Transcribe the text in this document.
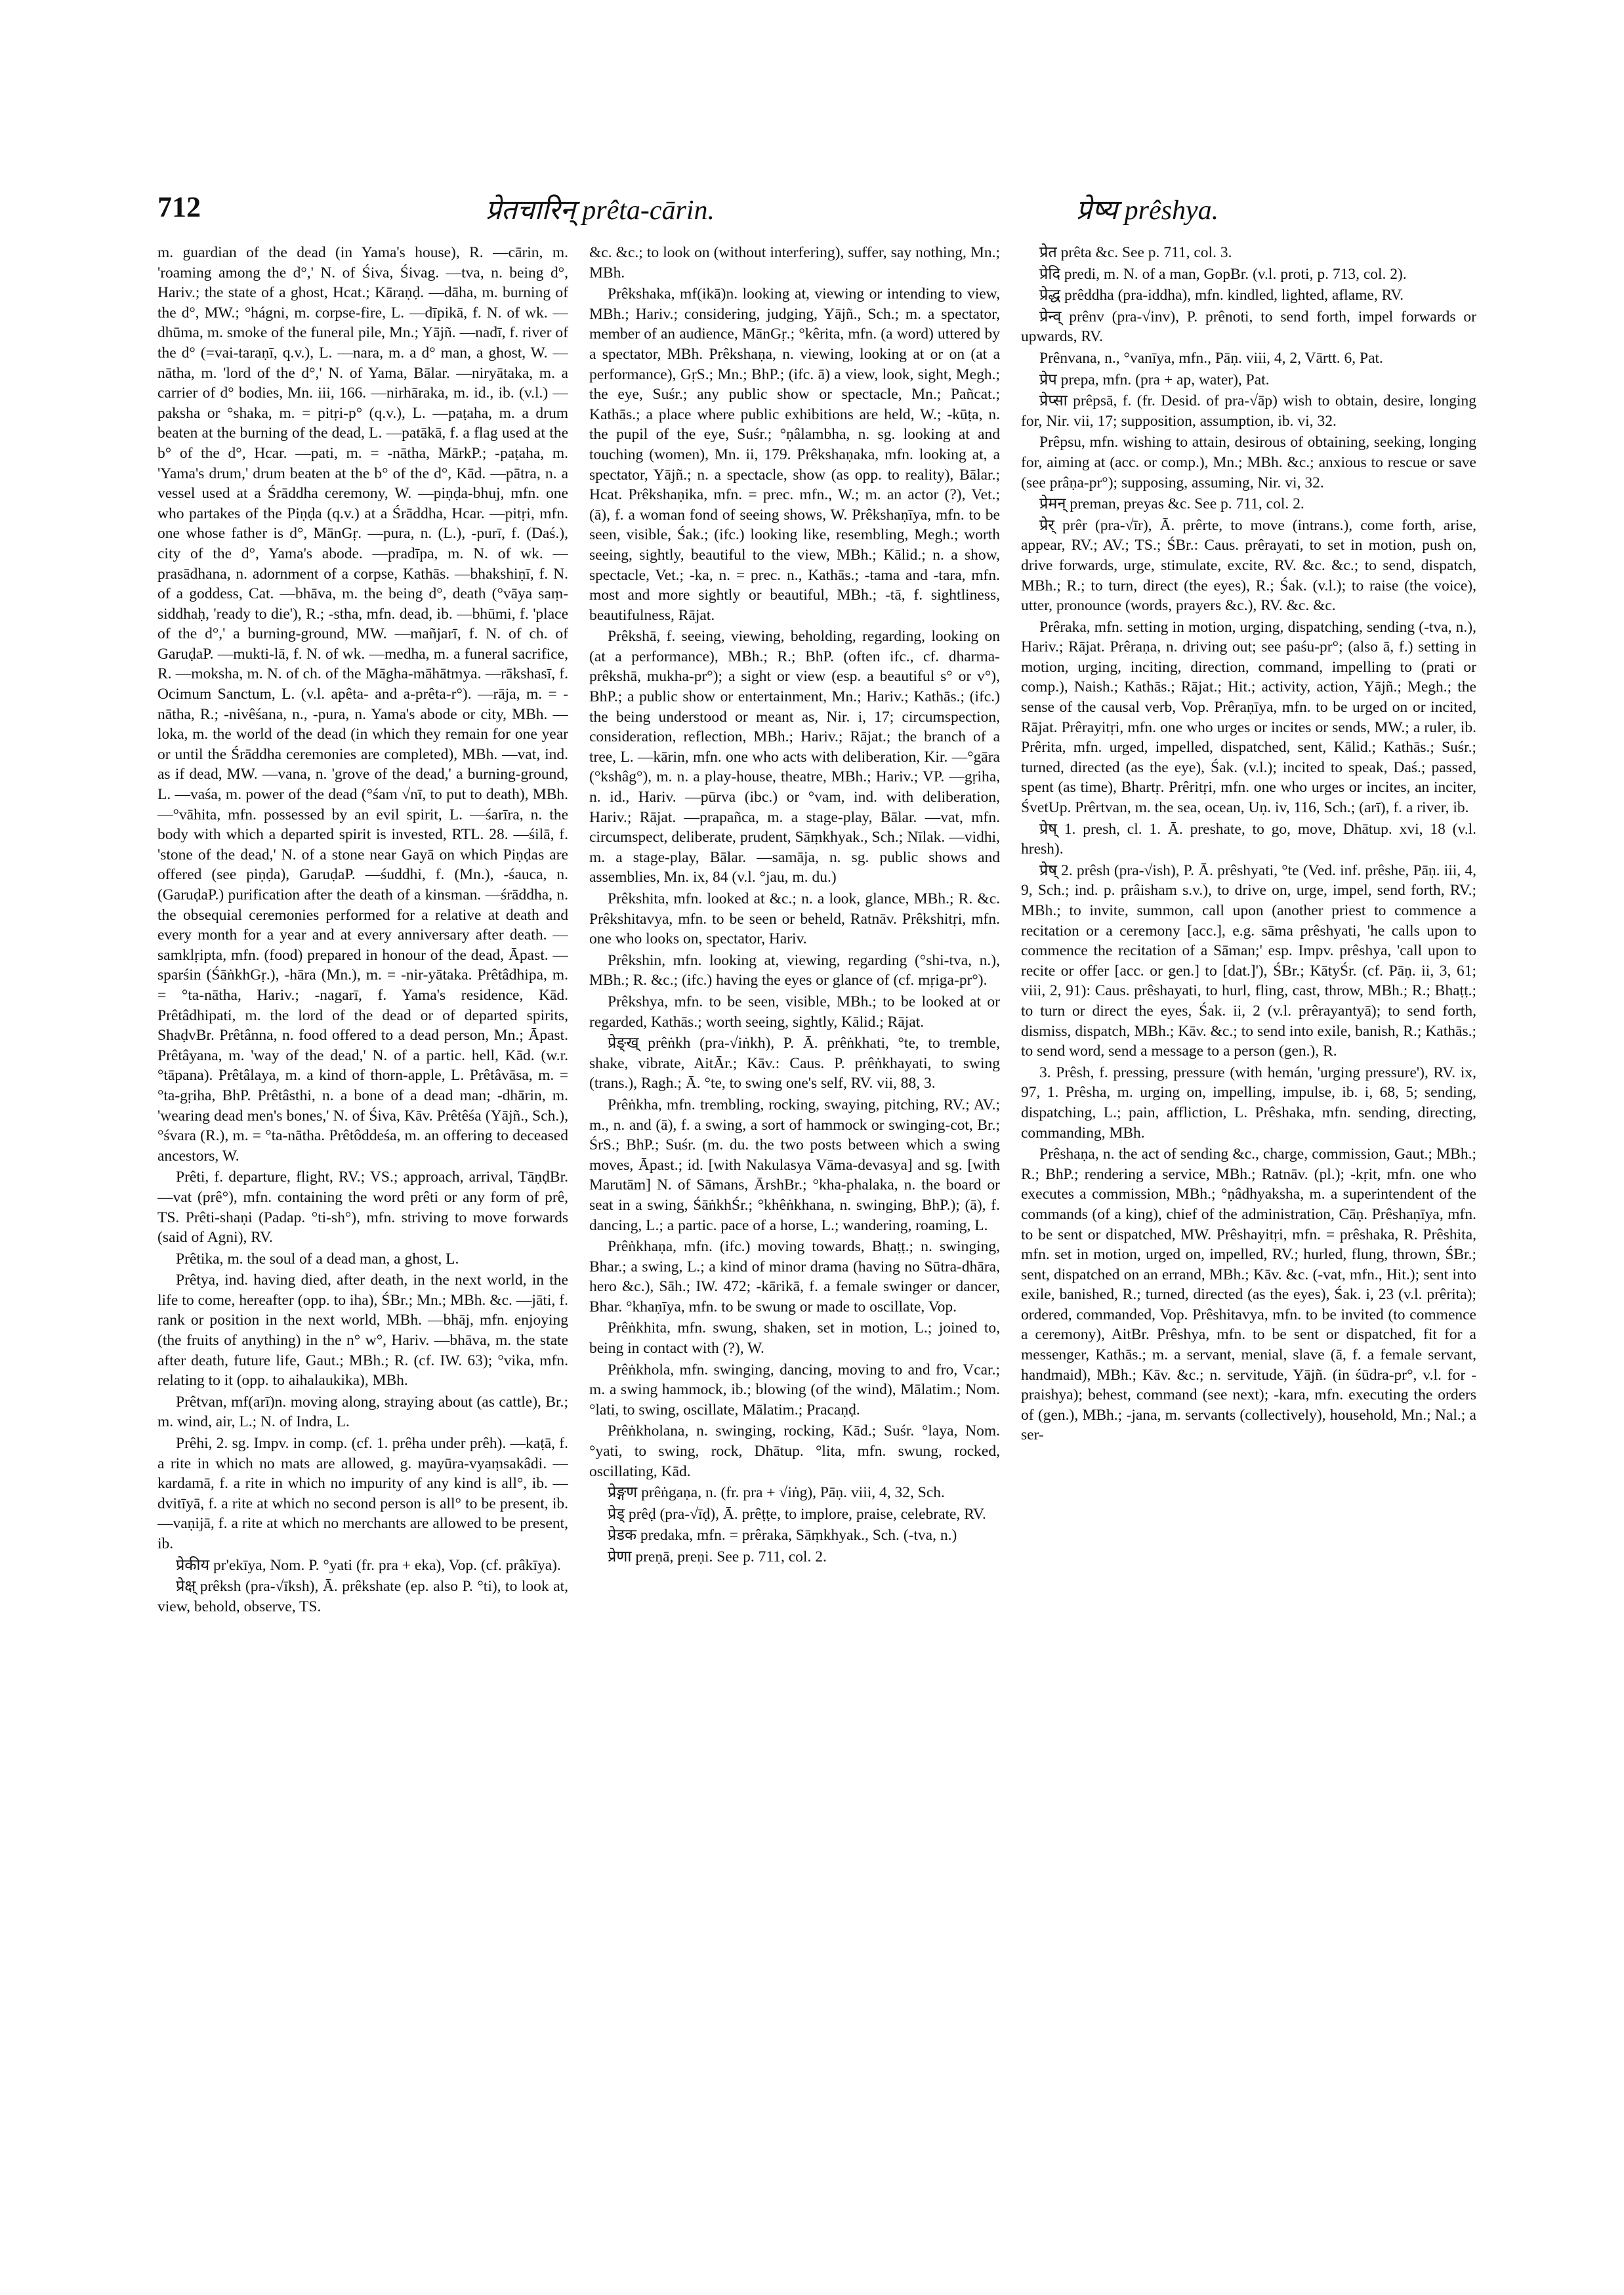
712	प्रेतचारिन् prêta-cārin.	प्रेष्य prêshya.

m. guardian of the dead (in Yama's house), R. —cārin, m. 'roaming among the d°,' N. of Śiva, Śivag. —tva, n. being d°, Hariv.; the state of a ghost, Hcat.; Kāraṇḍ. —dāha, m. burning of the d°, MW.; °hágni, m. corpse-fire, L. —dīpikā, f. N. of wk. —dhūma, m. smoke of the funeral pile, Mn.; Yājñ. —nadī, f. river of the d° (=vai-taraṇī, q.v.), L. —nara, m. a d° man, a ghost, W. —nātha, m. 'lord of the d°,' N. of Yama, Bālar. —niryātaka, m. a carrier of d° bodies, Mn. iii, 166. —nirhāraka, m. id., ib. (v.l.) —paksha or °shaka, m. = pitṛi-p° (q.v.), L. —paṭaha, m. a drum beaten at the burning of the dead, L. —patākā, f. a flag used at the b° of the d°, Hcar. —pati, m. = -nātha, MārkP.; -paṭaha, m. 'Yama's drum,' drum beaten at the b° of the d°, Kād. —pātra, n. a vessel used at a Śrāddha ceremony, W. —piṇḍa-bhuj, mfn. one who partakes of the Piṇḍa (q.v.) at a Śrāddha, Hcar. —pitṛi, mfn. one whose father is d°, MānGṛ. —pura, n. (L.), -purī, f. (Daś.), city of the d°, Yama's abode. —pradīpa, m. N. of wk. —prasādhana, n. adornment of a corpse, Kathās. —bhakshiṇī, f. N. of a goddess, Cat. —bhāva, m. the being d°, death (°vāya saṃ-siddhaḥ, 'ready to die'), R.; -stha, mfn. dead, ib. —bhūmi, f. 'place of the d°,' a burning-ground, MW. —mañjarī, f. N. of ch. of GaruḍaP. —mukti-lā, f. N. of wk. —medha, m. a funeral sacrifice, R. —moksha, m. N. of ch. of the Māgha-māhātmya. —rākshasī, f. Ocimum Sanctum, L. (v.l. apêta- and a-prêta-r°). —rāja, m. = -nātha, R.; -nivêśana, n., -pura, n. Yama's abode or city, MBh. —loka, m. the world of the dead (in which they remain for one year or until the Śrāddha ceremonies are completed), MBh. —vat, ind. as if dead, MW. —vana, n. 'grove of the dead,' a burning-ground, L. —vaśa, m. power of the dead (°śam √nī, to put to death), MBh. —°vāhita, mfn. possessed by an evil spirit, L. —śarīra, n. the body with which a departed spirit is invested, RTL. 28. —śilā, f. 'stone of the dead,' N. of a stone near Gayā on which Piṇḍas are offered (see piṇḍa), GaruḍaP. —śuddhi, f. (Mn.), -śauca, n. (GaruḍaP.) purification after the death of a kinsman. —śrāddha, n. the obsequial ceremonies performed for a relative at death and every month for a year and at every anniversary after death. —samklṛipta, mfn. (food) prepared in honour of the dead, Āpast. —sparśin (ŚāṅkhGṛ.), -hāra (Mn.), m. = -nir-yātaka. Prêtâdhipa, m. = °ta-nātha, Hariv.; -nagarī, f. Yama's residence, Kād. Prêtâdhipati, m. the lord of the dead or of departed spirits, ShaḍvBr. Prêtânna, n. food offered to a dead person, Mn.; Āpast. Prêtâyana, m. 'way of the dead,' N. of a partic. hell, Kād. (w.r. °tāpana). Prêtâlaya, m. a kind of thorn-apple, L. Prêtâvāsa, m. = °ta-gṛiha, BhP. Prêtâsthi, n. a bone of a dead man; -dhārin, m. 'wearing dead men's bones,' N. of Śiva, Kāv. Prêtêśa (Yājñ., Sch.), °śvara (R.), m. = °ta-nātha. Prêtôddeśa, m. an offering to deceased ancestors, W.

Prêti, f. departure, flight, RV.; VS.; approach, arrival, TāṇḍBr. —vat (prê°), mfn. containing the word prêti or any form of prê, TS. Prêti-shaṇi (Padap. °ti-sh°), mfn. striving to move forwards (said of Agni), RV.

Prêtika, m. the soul of a dead man, a ghost, L.

Prêtya, ind. having died, after death, in the next world, in the life to come, hereafter (opp. to iha), ŚBr.; Mn.; MBh. &c. —jāti, f. rank or position in the next world, MBh. —bhāj, mfn. enjoying (the fruits of anything) in the n° w°, Hariv. —bhāva, m. the state after death, future life, Gaut.; MBh.; R. (cf. IW. 63); °vika, mfn. relating to it (opp. to aihalaukika), MBh.

Prêtvan, mf(arī)n. moving along, straying about (as cattle), Br.; m. wind, air, L.; N. of Indra, L.

Prêhi, 2. sg. Impv. in comp. (cf. 1. prêha under prêh). —kaṭā, f. a rite in which no mats are allowed, g. mayūra-vyaṃsakâdi. —kardamā, f. a rite in which no impurity of any kind is all°, ib. —dvitīyā, f. a rite at which no second person is all° to be present, ib. —vaṇijā, f. a rite at which no merchants are allowed to be present, ib.

प्रेकीय pr'ekīya, Nom. P. °yati (fr. pra + eka), Vop. (cf. prâkīya).

प्रेक्ष् prêksh (pra-√īksh), Ā. prêkshate (ep. also P. °ti), to look at, view, behold, observe, TS.

&c. &c.; to look on (without interfering), suffer, say nothing, Mn.; MBh.

Prêkshaka, mf(ikā)n. looking at, viewing or intending to view, MBh.; Hariv.; considering, judging, Yājñ., Sch.; m. a spectator, member of an audience, MānGṛ.; °kêrita, mfn. (a word) uttered by a spectator, MBh. Prêkshaṇa, n. viewing, looking at or on (at a performance), GṛS.; Mn.; BhP.; (ifc. ā) a view, look, sight, Megh.; the eye, Suśr.; any public show or spectacle, Mn.; Pañcat.; Kathās.; a place where public exhibitions are held, W.; -kūṭa, n. the pupil of the eye, Suśr.; °ṇâlambha, n. sg. looking at and touching (women), Mn. ii, 179. Prêkshaṇaka, mfn. looking at, a spectator, Yājñ.; n. a spectacle, show (as opp. to reality), Bālar.; Hcat. Prêkshaṇika, mfn. = prec. mfn., W.; m. an actor (?), Vet.; (ā), f. a woman fond of seeing shows, W. Prêkshaṇīya, mfn. to be seen, visible, Śak.; (ifc.) looking like, resembling, Megh.; worth seeing, sightly, beautiful to the view, MBh.; Kālid.; n. a show, spectacle, Vet.; -ka, n. = prec. n., Kathās.; -tama and -tara, mfn. most and more sightly or beautiful, MBh.; -tā, f. sightliness, beautifulness, Rājat.

Prêkshā, f. seeing, viewing, beholding, regarding, looking on (at a performance), MBh.; R.; BhP. (often ifc., cf. dharma-prêkshā, mukha-pr°); a sight or view (esp. a beautiful s° or v°), BhP.; a public show or entertainment, Mn.; Hariv.; Kathās.; (ifc.) the being understood or meant as, Nir. i, 17; circumspection, consideration, reflection, MBh.; Hariv.; Rājat.; the branch of a tree, L. —kārin, mfn. one who acts with deliberation, Kir. —°gāra (°kshâg°), m. n. a play-house, theatre, MBh.; Hariv.; VP. —gṛiha, n. id., Hariv. —pūrva (ibc.) or °vam, ind. with deliberation, Hariv.; Rājat. —prapañca, m. a stage-play, Bālar. —vat, mfn. circumspect, deliberate, prudent, Sāṃkhyak., Sch.; Nīlak. —vidhi, m. a stage-play, Bālar. —samāja, n. sg. public shows and assemblies, Mn. ix, 84 (v.l. °jau, m. du.)

Prêkshita, mfn. looked at &c.; n. a look, glance, MBh.; R. &c. Prêkshitavya, mfn. to be seen or beheld, Ratnāv. Prêkshitṛi, mfn. one who looks on, spectator, Hariv.

Prêkshin, mfn. looking at, viewing, regarding (°shi-tva, n.), MBh.; R. &c.; (ifc.) having the eyes or glance of (cf. mṛiga-pr°).

Prêkshya, mfn. to be seen, visible, MBh.; to be looked at or regarded, Kathās.; worth seeing, sightly, Kālid.; Rājat.

प्रेङ्ख् prêṅkh (pra-√iṅkh), P. Ā. prêṅkhati, °te, to tremble, shake, vibrate, AitĀr.; Kāv.: Caus. P. prêṅkhayati, to swing (trans.), Ragh.; Ā. °te, to swing one's self, RV. vii, 88, 3.

Prêṅkha, mfn. trembling, rocking, swaying, pitching, RV.; AV.; m., n. and (ā), f. a swing, a sort of hammock or swinging-cot, Br.; ŚrS.; BhP.; Suśr. (m. du. the two posts between which a swing moves, Āpast.; id. [with Nakulasya Vāma-devasya] and sg. [with Marutām] N. of Sāmans, ĀrshBr.; °kha-phalaka, n. the board or seat in a swing, ŚāṅkhŚr.; °khêṅkhana, n. swinging, BhP.); (ā), f. dancing, L.; a partic. pace of a horse, L.; wandering, roaming, L.

Prêṅkhaṇa, mfn. (ifc.) moving towards, Bhaṭṭ.; n. swinging, Bhar.; a swing, L.; a kind of minor drama (having no Sūtra-dhāra, hero &c.), Sāh.; IW. 472; -kārikā, f. a female swinger or dancer, Bhar. °khaṇīya, mfn. to be swung or made to oscillate, Vop.

Prêṅkhita, mfn. swung, shaken, set in motion, L.; joined to, being in contact with (?), W.

Prêṅkhola, mfn. swinging, dancing, moving to and fro, Vcar.; m. a swing hammock, ib.; blowing (of the wind), Mālatim.; Nom. °lati, to swing, oscillate, Mālatim.; Pracaṇḍ.

Prêṅkholana, n. swinging, rocking, Kād.; Suśr. °laya, Nom. °yati, to swing, rock, Dhātup. °lita, mfn. swung, rocked, oscillating, Kād.

प्रेङ्गण prêṅgaṇa, n. (fr. pra + √iṅg), Pāṇ. viii, 4, 32, Sch.

प्रेड् prêḍ (pra-√īḍ), Ā. prêṭṭe, to implore, praise, celebrate, RV.

प्रेडक predaka, mfn. = prêraka, Sāṃkhyak., Sch. (-tva, n.)

प्रेणा preṇā, preṇi. See p. 711, col. 2.

प्रेत prêta &c. See p. 711, col. 3.

प्रेदि predi, m. N. of a man, GopBr. (v.l. proti, p. 713, col. 2).

प्रेद्ध prêddha (pra-iddha), mfn. kindled, lighted, aflame, RV.

प्रेन्व् prênv (pra-√inv), P. prênoti, to send forth, impel forwards or upwards, RV.

Prênvana, n., °vanīya, mfn., Pāṇ. viii, 4, 2, Vārtt. 6, Pat.

प्रेप prepa, mfn. (pra + ap, water), Pat.

प्रेप्सा prêpsā, f. (fr. Desid. of pra-√āp) wish to obtain, desire, longing for, Nir. vii, 17; supposition, assumption, ib. vi, 32.

Prêpsu, mfn. wishing to attain, desirous of obtaining, seeking, longing for, aiming at (acc. or comp.), Mn.; MBh. &c.; anxious to rescue or save (see prâṇa-pr°); supposing, assuming, Nir. vi, 32.

प्रेमन् preman, preyas &c. See p. 711, col. 2.

प्रेर् prêr (pra-√īr), Ā. prêrte, to move (intrans.), come forth, arise, appear, RV.; AV.; TS.; ŚBr.: Caus. prêrayati, to set in motion, push on, drive forwards, urge, stimulate, excite, RV. &c. &c.; to send, dispatch, MBh.; R.; to turn, direct (the eyes), R.; Śak. (v.l.); to raise (the voice), utter, pronounce (words, prayers &c.), RV. &c. &c.

Prêraka, mfn. setting in motion, urging, dispatching, sending (-tva, n.), Hariv.; Rājat. Prêraṇa, n. driving out; see paśu-pr°; (also ā, f.) setting in motion, urging, inciting, direction, command, impelling to (prati or comp.), Naish.; Kathās.; Rājat.; Hit.; activity, action, Yājñ.; Megh.; the sense of the causal verb, Vop. Prêraṇīya, mfn. to be urged on or incited, Rājat. Prêrayitṛi, mfn. one who urges or incites or sends, MW.; a ruler, ib. Prêrita, mfn. urged, impelled, dispatched, sent, Kālid.; Kathās.; Suśr.; turned, directed (as the eye), Śak. (v.l.); incited to speak, Daś.; passed, spent (as time), Bhartṛ. Prêritṛi, mfn. one who urges or incites, an inciter, ŚvetUp. Prêrtvan, m. the sea, ocean, Uṇ. iv, 116, Sch.; (arī), f. a river, ib.

प्रेष् 1. presh, cl. 1. Ā. preshate, to go, move, Dhātup. xvi, 18 (v.l. hresh).

प्रेष् 2. prêsh (pra-√ish), P. Ā. prêshyati, °te (Ved. inf. prêshe, Pāṇ. iii, 4, 9, Sch.; ind. p. prâisham s.v.), to drive on, urge, impel, send forth, RV.; MBh.; to invite, summon, call upon (another priest to commence a recitation or a ceremony [acc.], e.g. sāma prêshyati, 'he calls upon to commence the recitation of a Sāman;' esp. Impv. prêshya, 'call upon to recite or offer [acc. or gen.] to [dat.]'), ŚBr.; KātyŚr. (cf. Pāṇ. ii, 3, 61; viii, 2, 91): Caus. prêshayati, to hurl, fling, cast, throw, MBh.; R.; Bhaṭṭ.; to turn or direct the eyes, Śak. ii, 2 (v.l. prêrayantyā); to send forth, dismiss, dispatch, MBh.; Kāv. &c.; to send into exile, banish, R.; Kathās.; to send word, send a message to a person (gen.), R.

3. Prêsh, f. pressing, pressure (with hemán, 'urging pressure'), RV. ix, 97, 1. Prêsha, m. urging on, impelling, impulse, ib. i, 68, 5; sending, dispatching, L.; pain, affliction, L. Prêshaka, mfn. sending, directing, commanding, MBh.

Prêshaṇa, n. the act of sending &c., charge, commission, Gaut.; MBh.; R.; BhP.; rendering a service, MBh.; Ratnāv. (pl.); -kṛit, mfn. one who executes a commission, MBh.; °ṇâdhyaksha, m. a superintendent of the commands (of a king), chief of the administration, Cāṇ. Prêshaṇīya, mfn. to be sent or dispatched, MW. Prêshayitṛi, mfn. = prêshaka, R. Prêshita, mfn. set in motion, urged on, impelled, RV.; hurled, flung, thrown, ŚBr.; sent, dispatched on an errand, MBh.; Kāv. &c. (-vat, mfn., Hit.); sent into exile, banished, R.; turned, directed (as the eyes), Śak. i, 23 (v.l. prêrita); ordered, commanded, Vop. Prêshitavya, mfn. to be invited (to commence a ceremony), AitBr. Prêshya, mfn. to be sent or dispatched, fit for a messenger, Kathās.; m. a servant, menial, slave (ā, f. a female servant, handmaid), MBh.; Kāv. &c.; n. servitude, Yājñ. (in śūdra-pr°, v.l. for -praishya); behest, command (see next); -kara, mfn. executing the orders of (gen.), MBh.; -jana, m. servants (collectively), household, Mn.; Nal.; a ser-
